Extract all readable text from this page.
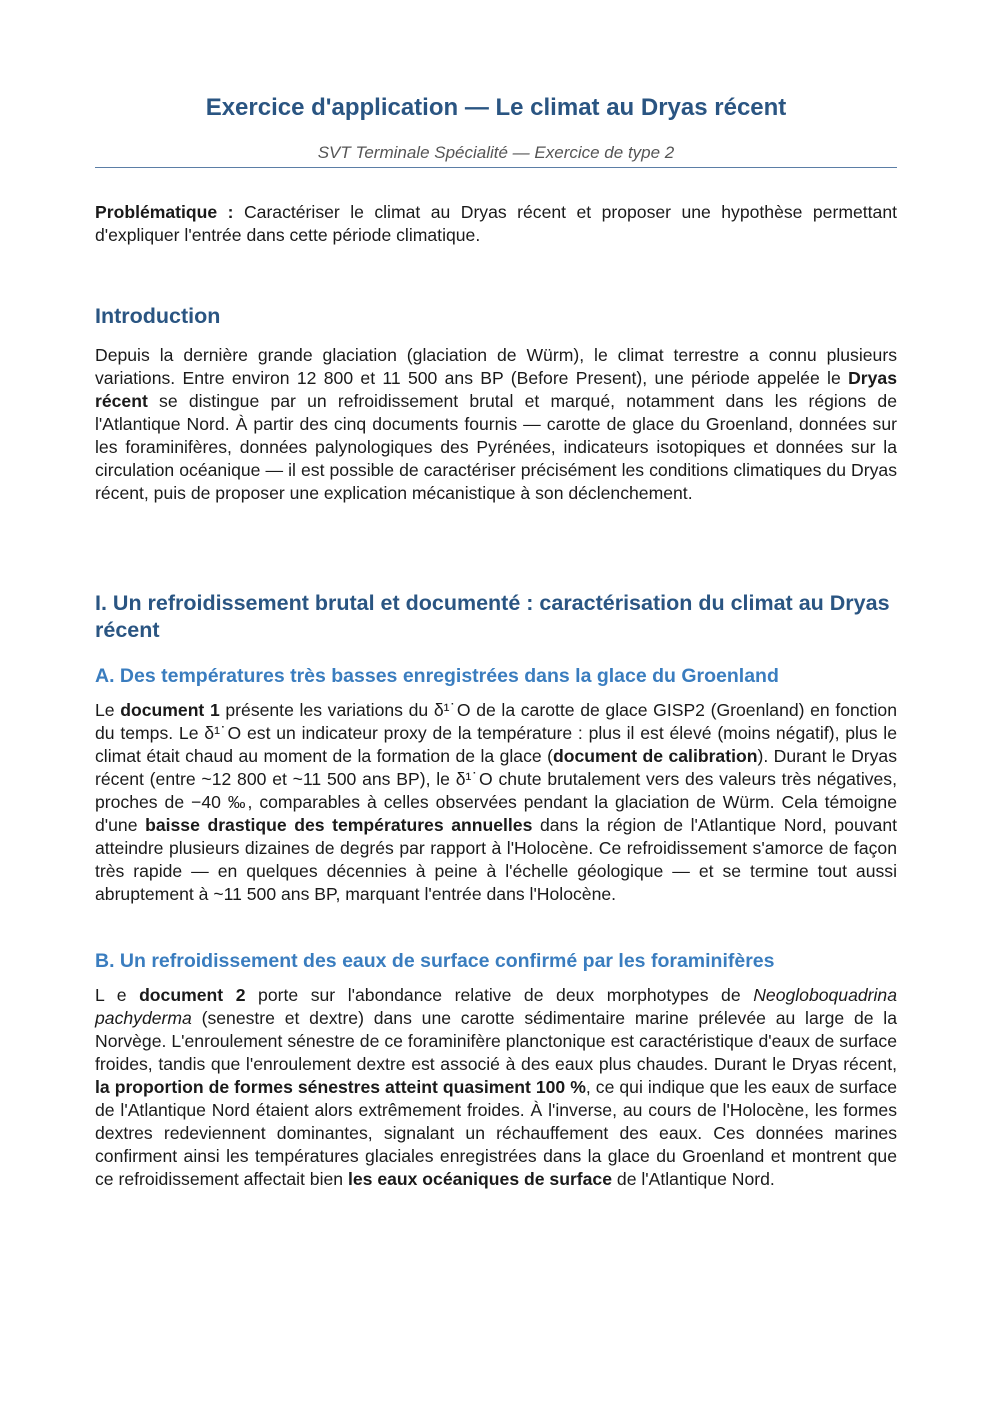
Exercice d'application — Le climat au Dryas récent

SVT Terminale Spécialité — Exercice de type 2

Problématique : Caractériser le climat au Dryas récent et proposer une hypothèse permettant d'expliquer l'entrée dans cette période climatique.

Introduction

Depuis la dernière grande glaciation (glaciation de Würm), le climat terrestre a connu plusieurs variations. Entre environ 12 800 et 11 500 ans BP (Before Present), une période appelée le Dryas récent se distingue par un refroidissement brutal et marqué, notamment dans les régions de l'Atlantique Nord. À partir des cinq documents fournis — carotte de glace du Groenland, données sur les foraminifères, données palynologiques des Pyrénées, indicateurs isotopiques et données sur la circulation océanique — il est possible de caractériser précisément les conditions climatiques du Dryas récent, puis de proposer une explication mécanistique à son déclenchement.

I. Un refroidissement brutal et documenté : caractérisation du climat au Dryas récent
A. Des températures très basses enregistrées dans la glace du Groenland

Le document 1 présente les variations du δ¹˙O de la carotte de glace GISP2 (Groenland) en fonction du temps. Le δ¹˙O est un indicateur proxy de la température : plus il est élevé (moins négatif), plus le climat était chaud au moment de la formation de la glace (document de calibration). Durant le Dryas récent (entre ~12 800 et ~11 500 ans BP), le δ¹˙O chute brutalement vers des valeurs très négatives, proches de −40 ‰, comparables à celles observées pendant la glaciation de Würm. Cela témoigne d'une baisse drastique des températures annuelles dans la région de l'Atlantique Nord, pouvant atteindre plusieurs dizaines de degrés par rapport à l'Holocène. Ce refroidissement s'amorce de façon très rapide — en quelques décennies à peine à l'échelle géologique — et se termine tout aussi abruptement à ~11 500 ans BP, marquant l'entrée dans l'Holocène.

B. Un refroidissement des eaux de surface confirmé par les foraminifères

L e document 2 porte sur l'abondance relative de deux morphotypes de Neogloboquadrina pachyderma (senestre et dextre) dans une carotte sédimentaire marine prélevée au large de la Norvège. L'enroulement sénestre de ce foraminifère planctonique est caractéristique d'eaux de surface froides, tandis que l'enroulement dextre est associé à des eaux plus chaudes. Durant le Dryas récent, la proportion de formes sénestres atteint quasiment 100 %, ce qui indique que les eaux de surface de l'Atlantique Nord étaient alors extrêmement froides. À l'inverse, au cours de l'Holocène, les formes dextres redeviennent dominantes, signalant un réchauffement des eaux. Ces données marines confirment ainsi les températures glaciales enregistrées dans la glace du Groenland et montrent que ce refroidissement affectait bien les eaux océaniques de surface de l'Atlantique Nord.
